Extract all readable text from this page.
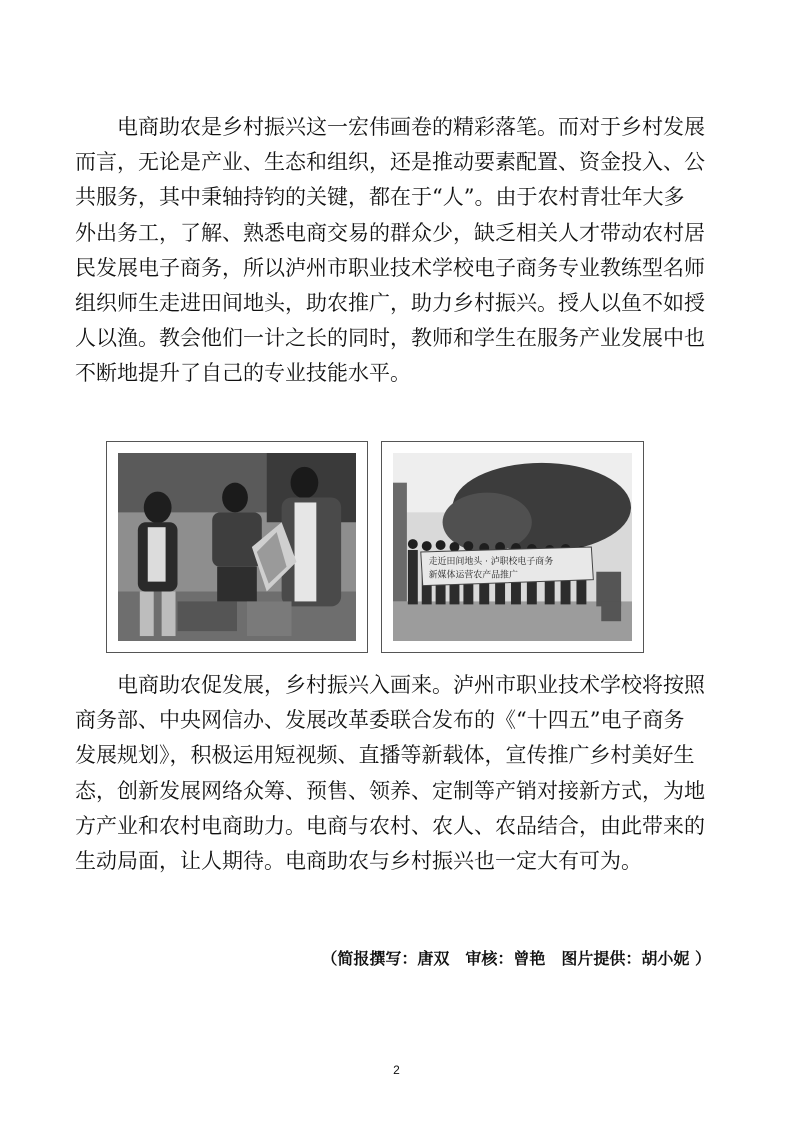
电商助农是乡村振兴这一宏伟画卷的精彩落笔。而对于乡村发展
而言，无论是产业、生态和组织，还是推动要素配置、资金投入、公
共服务，其中秉轴持钧的关键，都在于“人”。由于农村青壮年大多
外出务工，了解、熟悉电商交易的群众少，缺乏相关人才带动农村居
民发展电子商务，所以泸州市职业技术学校电子商务专业教练型名师
组织师生走进田间地头，助农推广，助力乡村振兴。授人以鱼不如授
人以渔。教会他们一计之长的同时，教师和学生在服务产业发展中也
不断地提升了自己的专业技能水平。
走近田间地头 · 泸职校电子商务
新媒体运营农产品推广
电商助农促发展，乡村振兴入画来。泸州市职业技术学校将按照
商务部、中央网信办、发展改革委联合发布的《“十四五”电子商务
发展规划》，积极运用短视频、直播等新载体，宣传推广乡村美好生
态，创新发展网络众筹、预售、领养、定制等产销对接新方式，为地
方产业和农村电商助力。电商与农村、农人、农品结合，由此带来的
生动局面，让人期待。电商助农与乡村振兴也一定大有可为。
（简报撰写：唐双　审核：曾艳　图片提供：胡小妮 ）
2
